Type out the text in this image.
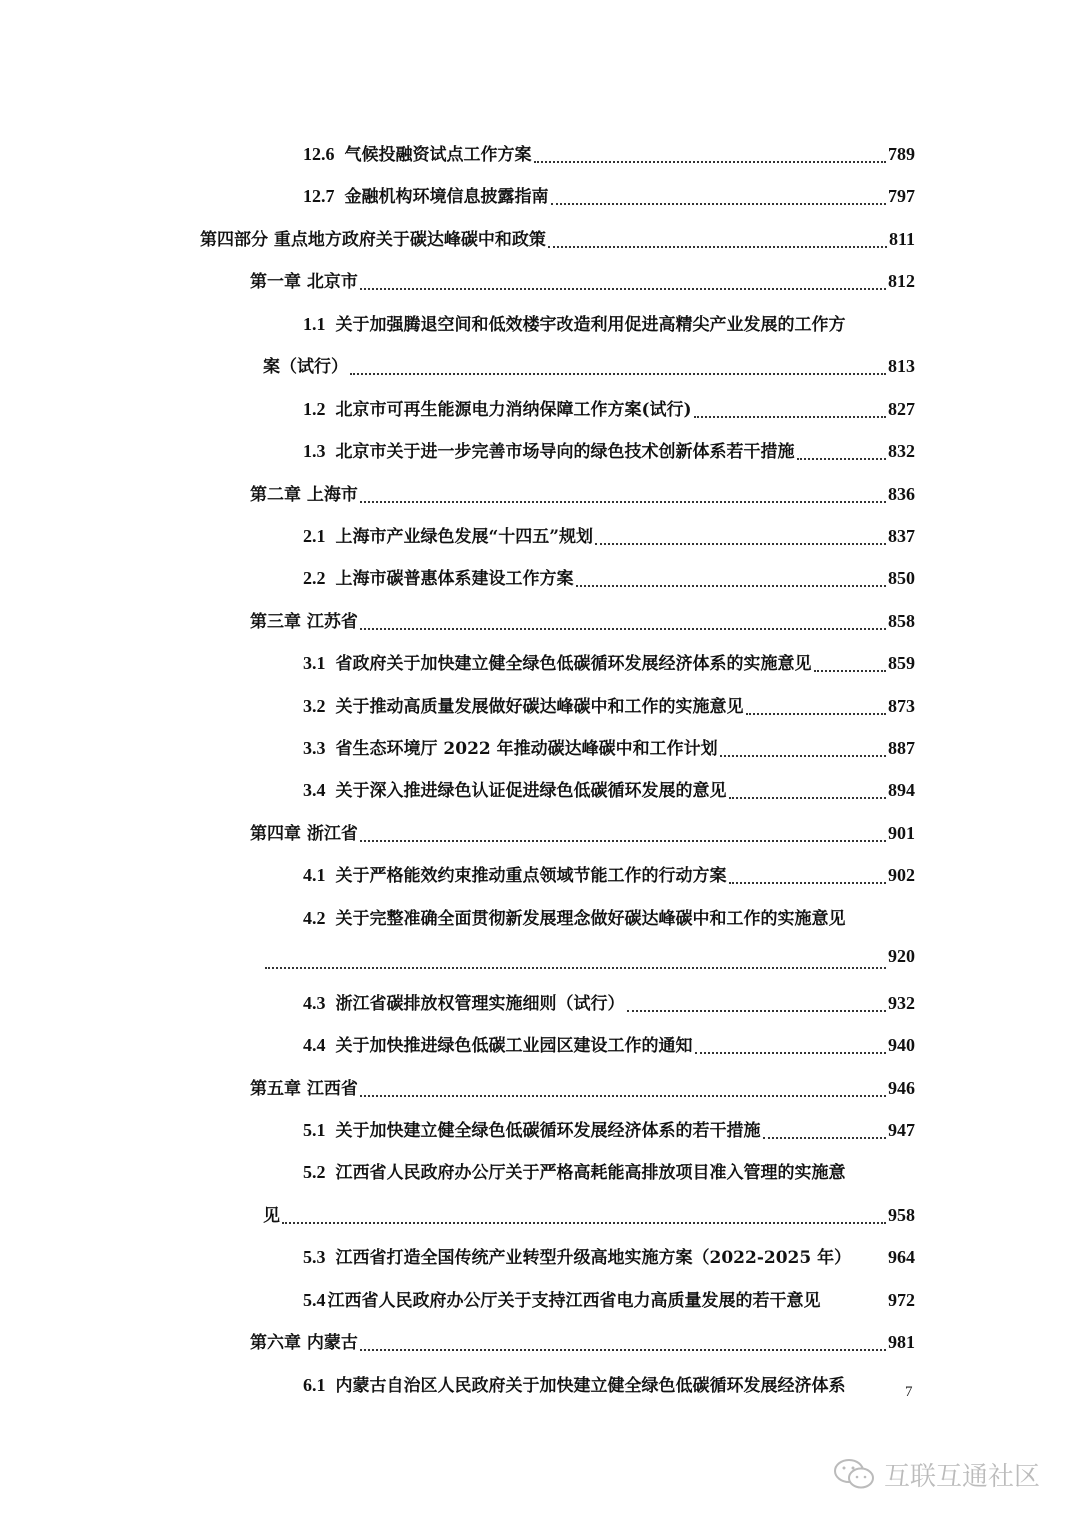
12.6 气候投融资试点工作方案	789
12.7 金融机构环境信息披露指南	797
第四部分 重点地方政府关于碳达峰碳中和政策	811
第一章 北京市	812
1.1 关于加强腾退空间和低效楼宇改造利用促进高精尖产业发展的工作方
案（试行）	813
1.2 北京市可再生能源电力消纳保障工作方案(试行)	827
1.3 北京市关于进一步完善市场导向的绿色技术创新体系若干措施	832
第二章 上海市	836
2.1 上海市产业绿色发展“十四五”规划	837
2.2 上海市碳普惠体系建设工作方案	850
第三章 江苏省	858
3.1 省政府关于加快建立健全绿色低碳循环发展经济体系的实施意见	859
3.2 关于推动高质量发展做好碳达峰碳中和工作的实施意见	873
3.3 省生态环境厅 2022 年推动碳达峰碳中和工作计划	887
3.4 关于深入推进绿色认证促进绿色低碳循环发展的意见	894
第四章 浙江省	901
4.1 关于严格能效约束推动重点领域节能工作的行动方案	902
4.2 关于完整准确全面贯彻新发展理念做好碳达峰碳中和工作的实施意见
920
4.3 浙江省碳排放权管理实施细则（试行）	932
4.4 关于加快推进绿色低碳工业园区建设工作的通知	940
第五章 江西省	946
5.1 关于加快建立健全绿色低碳循环发展经济体系的若干措施	947
5.2 江西省人民政府办公厅关于严格高耗能高排放项目准入管理的实施意
见	958
5.3 江西省打造全国传统产业转型升级高地实施方案（2022-2025 年） 964
5.4 江西省人民政府办公厅关于支持江西省电力高质量发展的若干意见	972
第六章 内蒙古	981
6.1 内蒙古自治区人民政府关于加快建立健全绿色低碳循环发展经济体系	7
互联互通社区
